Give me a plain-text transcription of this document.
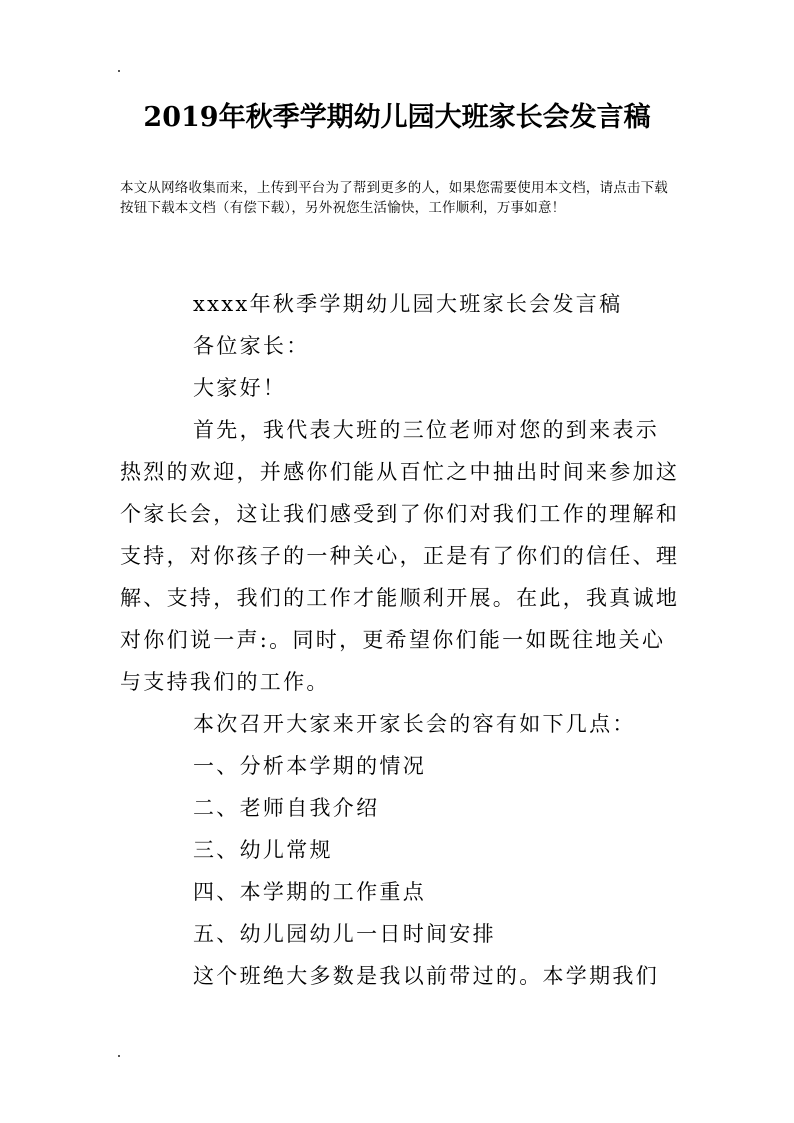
2019年秋季学期幼儿园大班家长会发言稿

本文从网络收集而来，上传到平台为了帮到更多的人，如果您需要使用本文档，请点击下载按钮下载本文档（有偿下载），另外祝您生活愉快，工作顺利，万事如意！

xxxx年秋季学期幼儿园大班家长会发言稿

各位家长：

大家好！

首先，我代表大班的三位老师对您的到来表示热烈的欢迎，并感你们能从百忙之中抽出时间来参加这个家长会，这让我们感受到了你们对我们工作的理解和支持，对你孩子的一种关心，正是有了你们的信任、理解、支持，我们的工作才能顺利开展。在此，我真诚地对你们说一声:。同时，更希望你们能一如既往地关心与支持我们的工作。

本次召开大家来开家长会的容有如下几点：

一、分析本学期的情况

二、老师自我介绍

三、幼儿常规

四、本学期的工作重点

五、幼儿园幼儿一日时间安排

这个班绝大多数是我以前带过的。本学期我们
